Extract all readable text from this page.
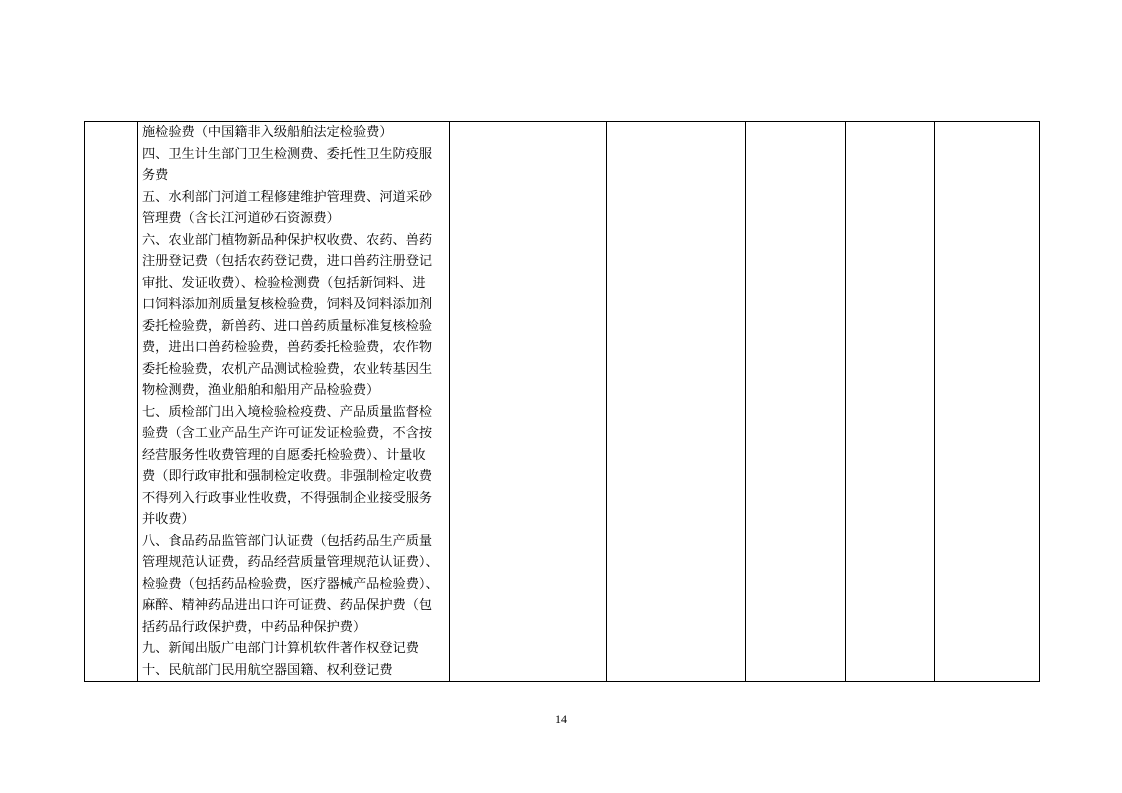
施检验费（中国籍非入级船舶法定检验费）
四、卫生计生部门卫生检测费、委托性卫生防疫服
务费
五、水利部门河道工程修建维护管理费、河道采砂
管理费（含长江河道砂石资源费）
六、农业部门植物新品种保护权收费、农药、兽药
注册登记费（包括农药登记费，进口兽药注册登记
审批、发证收费）、检验检测费（包括新饲料、进
口饲料添加剂质量复核检验费，饲料及饲料添加剂
委托检验费，新兽药、进口兽药质量标准复核检验
费，进出口兽药检验费，兽药委托检验费，农作物
委托检验费，农机产品测试检验费，农业转基因生
物检测费，渔业船舶和船用产品检验费）
七、质检部门出入境检验检疫费、产品质量监督检
验费（含工业产品生产许可证发证检验费，不含按
经营服务性收费管理的自愿委托检验费）、计量收
费（即行政审批和强制检定收费。非强制检定收费
不得列入行政事业性收费，不得强制企业接受服务
并收费）
八、食品药品监管部门认证费（包括药品生产质量
管理规范认证费，药品经营质量管理规范认证费）、
检验费（包括药品检验费，医疗器械产品检验费）、
麻醉、精神药品进出口许可证费、药品保护费（包
括药品行政保护费，中药品种保护费）
九、新闻出版广电部门计算机软件著作权登记费
十、民航部门民用航空器国籍、权利登记费

14
